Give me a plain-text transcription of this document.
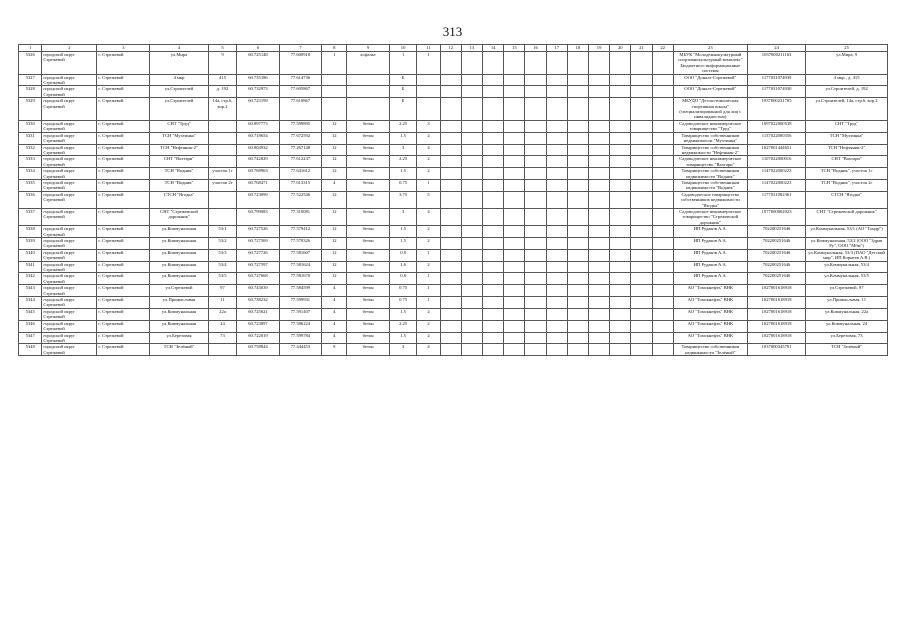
313
1	2	3	4	5	6	7	8	9	10	11	12	13	14	15	16	17	18	19	20	21	22	23	24	25
5326	городской округ Стрежевой	г. Стрежевой	ул.Мира	9	60.725148	77.600918	1	асфальт	1	1												МБУК "Молодежнокультурный спортивнокультурный комплекс" Бюджетного информационные системы	1037000211163	ул.Мира, 9
5327	городской округ Стрежевой	г. Стрежевой	4 мкр	415	60.735186	77.614736			Б													ООО "Доналт-Стрежевой"	1177031074930	4 мкр., д. 415
5328	городской округ Стрежевой	г. Стрежевой	ул.Строителей	д. 192	60.732973	77.605867			Б													ООО "Доналт-Стрежевой"	1177031074930	ул.Строителей, д. 192
5329	городской округ Стрежевой	г. Стрежевой	ул.Строителей	14а, стр.6, кор.2	60.723199	77.610867			Б													МБУДО "Детско-юношеская спортивная школа" (специализированной для лиц с инвалидностью)	1037000231785	ул.Строителей, 14а, стр.6, кор.2
5330	городской округ Стрежевой	г. Стрежевой	СНТ "Труд"		60.897773	77.599895	12	бетон	2.25	3												Садоводческое некоммерческое товарищество "Труд"	1097022000538	СНТ "Труд"
5331	городской округ Стрежевой	г. Стрежевой	ТСН "Мухтинка"		60.718654	77.672592	12	бетон	1.5	2												Товарищество собственников недвижимости "Мухтинка"	1137022000356	ТСН "Мухтинка"
5332	городской округ Стрежевой	г. Стрежевой	ТСН "Нефтяник-2"		60.804932	77.267148	12	бетон	3	4												Товарищество собственников недвижимости "Нефтяник-2"	1027001444651	ТСН "Нефтяник-2"
5333	городской округ Стрежевой	г. Стрежевой	СНТ "Вахтари"		60.742829	77.612237	12	бетон	2.25	2												Садоводческое некоммерческое товарищество "Вахтари"	1107022000016	СНТ "Вахтари"
5334	городской округ Стрежевой	г. Стрежевой	ТСН "Водник"	участок 1г	60.768963	77.641612	12	бетон	1.5	2												Товарищество собственников недвижимости "Водник"	1147022000223	ТСН "Водник", участок 1г
5335	городской округ Стрежевой	г. Стрежевой	ТСН "Водник"	участок 2г	60.768471	77.613315	4	бетон	0.75	1												Товарищество собственников недвижимости "Водник"	1147022000223	ТСН "Водник", участок 2г
5336	городской округ Стрежевой	г. Стрежевой	СТСН "Ягодка"		60.723099	77.522546	12	бетон	3.75	5												Садоводческое товарищество собственников недвижимости "Ягодка"	1177031082361	СТСН "Ягодка"
5337	городской округ Стрежевой	г. Стрежевой	СНТ "Стрежевской дорожник"		60.799083	77.310081	12	бетон	3	4												Садоводческое некоммерческое товарищество "Стрежевской дорожник"	1077000002023	СНТ "Стрежевской дорожник"
5338	городской округ Стрежевой	г. Стрежевой	ул.Коммунальная	53/1	60.727526	77.579412	12	бетон	1.5	2												ИП Рудаков А.А.	702200251646	ул.Коммунальная, 53/1 (АО "Томдр")
5339	городской округ Стрежевой	г. Стрежевой	ул.Коммунальная	53/2	60.727569	77.579326	12	бетон	1.5	2												ИП Рудаков А.А.	702200251646	ул.Коммунальная, 53/2 (ООО "Здрав Ру", ООО "Мбм")
5340	городской округ Стрежевой	г. Стрежевой	ул.Коммунальная	53/3	60.727726	77.581607	12	бетон	0.8	1												ИП Рудаков А.А.	702200251646	ул.Коммунальная, 53/3 (ПАО "Детский мир", ИП Корнеев А.В.)
5341	городской округ Стрежевой	г. Стрежевой	ул.Коммунальная	53/4	60.727597	77.581624	12	бетон	1.6	2												ИП Рудаков А.А.	702200251646	ул.Коммунальная, 53/4
5342	городской округ Стрежевой	г. Стрежевой	ул.Коммунальная	53/5	60.727668	77.581670	12	бетон	0.8	1												ИП Рудаков А.А.	702200251646	ул.Коммунальная, 53/5
5343	городской округ Стрежевой	г. Стрежевой	ул.Стрежевой	97	60.743039	77.584599	4	бетон	0.75	1												АО "Томскнефть" ВНК	1027001618918	ул.Стрежевой, 97
5344	городской округ Стрежевой	г. Стрежевой	ул.Промысловая	11	60.738232	77.599931	4	бетон	0.75	1												АО "Томскнефть" ВНК	1027001618918	ул.Промысловая, 11
5345	городской округ Стрежевой	г. Стрежевой	ул.Коммунальная	22а	60.725621	77.591407	4	бетон	1.5	2												АО "Томскнефть" ВНК	1027001618918	ул.Коммунальная, 22а
5346	городской округ Стрежевой	г. Стрежевой	ул.Коммунальная	24	60.723897	77.586224	4	бетон	2.25	2												АО "Томскнефть" ВНК	1027001618918	ул.Коммунальная, 24
5347	городской округ Стрежевой	г. Стрежевой	ул.Березовая	73	60.722019	77.599784	4	бетон	1.5	2												АО "Томскнефть" ВНК	1027001618918	ул.Березовая, 73
5348	городской округ Стрежевой	г. Стрежевой	ТСН "Зелёный"		60.758844	77.444453	9	бетон	3	4												Товарищество собственников недвижимости "Зелёный"	1037000345791	ТСН "Зелёный"
